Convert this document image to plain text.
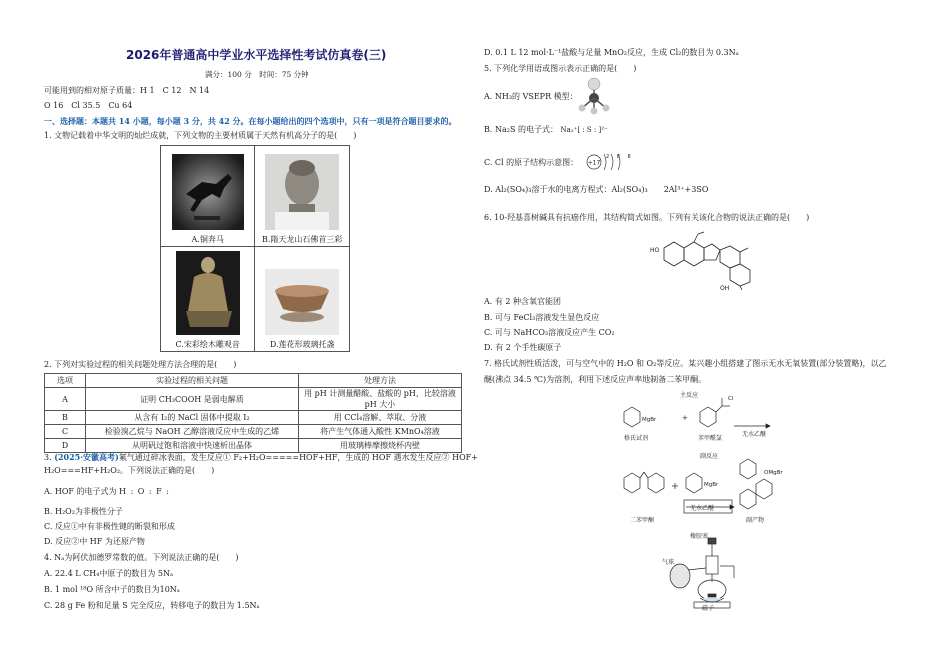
2026年普通高中学业水平选择性考试仿真卷(三)
满分：100 分　时间：75 分钟
可能用到的相对原子质量：H 1　C 12　N 14
O 16　Cl 35.5　Cu 64
一、选择题：本题共 14 小题，每小题 3 分，共 42 分。在每小题给出的四个选项中，只有一项是符合题目要求的。
1. 文物记载着中华文明的灿烂成就，下列文物的主要材质属于天然有机高分子的是(　　)
A.铜奔马	B.隋天龙山石佛首三彩

C.宋彩绘木雕观音	D.莲花形玻璃托盏
2. 下列对实验过程的相关问题处理方法合理的是(　　)
选项	实验过程的相关问题	处理方法
A	证明 CH₃COOH 是弱电解质	用 pH 计测量醋酸、盐酸的 pH，比较溶液 pH 大小
B	从含有 I₂的 NaCl 固体中提取 I₂	用 CCl₄溶解、萃取、分液
C	检验溴乙烷与 NaOH 乙醇溶液反应中生成的乙烯	将产生气体通入酸性 KMnO₄溶液
D	从明矾过饱和溶液中快速析出晶体	用玻璃棒摩擦烧杯内壁
3. (2025·安徽高考)氟气通过碎冰表面，发生反应① F₂+H₂O=====HOF+HF，生成的 HOF 遇水发生反应② HOF+
H₂O===HF+H₂O₂。下列说法正确的是(　　)
A. HOF 的电子式为 H : O : F :
B. H₂O₂为非极性分子
C. 反应①中有非极性键的断裂和形成
D. 反应②中 HF 为还原产物
4. Nₐ为阿伏加德罗常数的值。下列说法正确的是(　　)
A. 22.4 L CH₄中原子的数目为 5Nₐ
B. 1 mol ¹⁸O 所含中子的数目为10Nₐ
C. 28 g Fe 粉和足量 S 完全反应，转移电子的数目为 1.5Nₐ
D. 0.1 L 12 mol·L⁻¹盐酸与足量 MnO₂反应，生成 Cl₂的数目为 0.3Nₐ
5. 下列化学用语或图示表示正确的是(　　)
A. NH₃的 VSEPR 模型：
B. Na₂S 的电子式： Na₂⁺[ : S : ]²⁻
C. Cl 的原子结构示意图： +17
2 8 8
D. Al₂(SO₄)₃溶于水的电离方程式：Al₂(SO₄)₃　　2Al³⁺+3SO
6. 10-羟基喜树碱具有抗癌作用，其结构简式如图。下列有关该化合物的说法正确的是(　　)
HO
OH
A. 有 2 种含氧官能团
B. 可与 FeCl₃溶液发生显色反应
C. 可与 NaHCO₃溶液反应产生 CO₂
D. 有 2 个手性碳原子
7. 格氏试剂性质活泼，可与空气中的 H₂O 和 O₂等反应。某兴趣小组搭建了图示无水无氧装置(部分装置略)，以乙
醚(沸点 34.5 ℃)为溶剂，利用下述反应声率地制备二苯甲酮。
主反应
MgBr
Cl
+
无水乙醚
格氏试剂	苯甲酰氯
副反应
MgBr
OMgBr
无水乙醚
二苯甲酮	副产物
橡胶塞
气球
磁子
